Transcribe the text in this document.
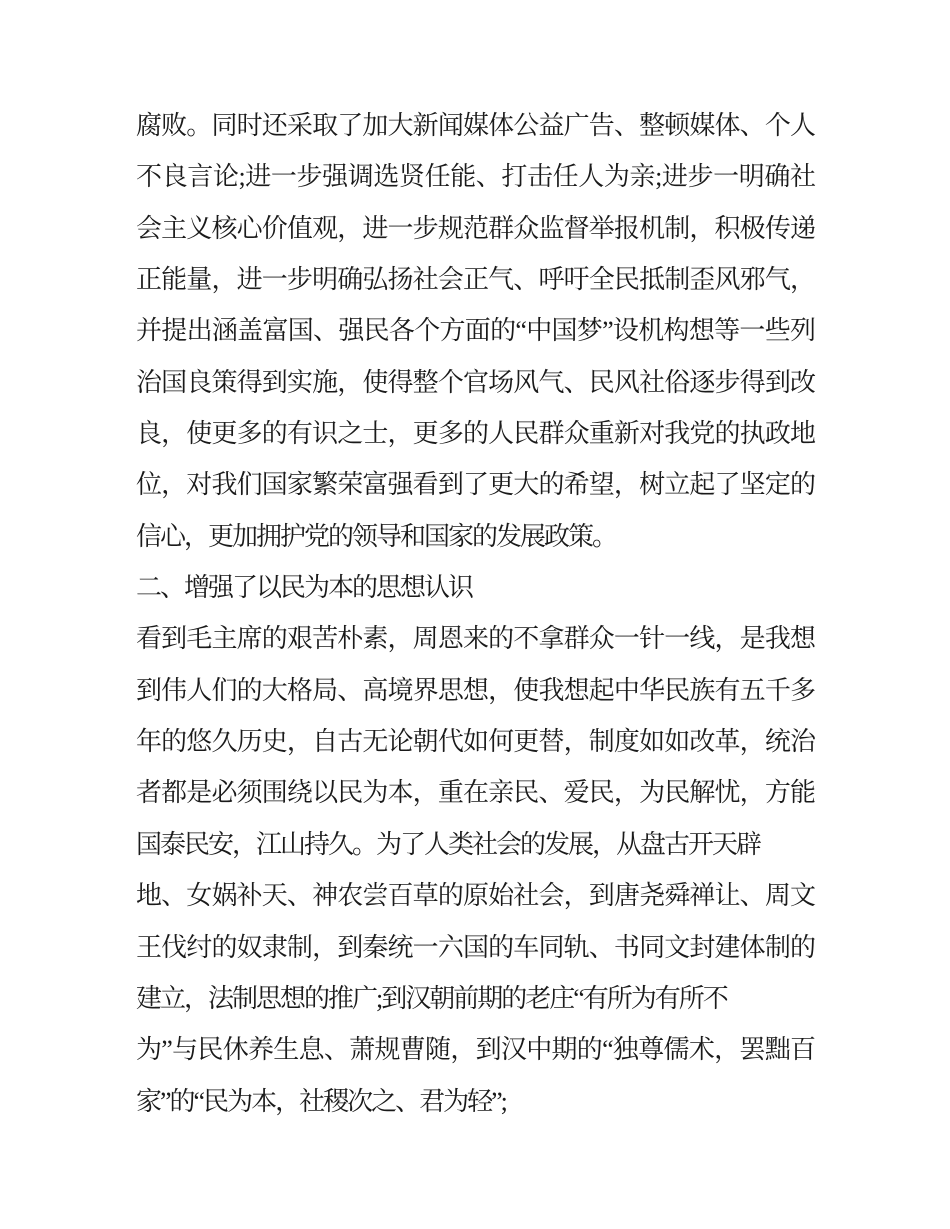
腐败。同时还采取了加大新闻媒体公益广告、整顿媒体、个人
不良言论;进一步强调选贤任能、打击任人为亲;进步一明确社
会主义核心价值观，进一步规范群众监督举报机制，积极传递
正能量，进一步明确弘扬社会正气、呼吁全民抵制歪风邪气，
并提出涵盖富国、强民各个方面的“中国梦”设机构想等一些列
治国良策得到实施，使得整个官场风气、民风社俗逐步得到改
良，使更多的有识之士，更多的人民群众重新对我党的执政地
位，对我们国家繁荣富强看到了更大的希望，树立起了坚定的
信心，更加拥护党的领导和国家的发展政策。
二、增强了以民为本的思想认识
看到毛主席的艰苦朴素，周恩来的不拿群众一针一线，是我想
到伟人们的大格局、高境界思想，使我想起中华民族有五千多
年的悠久历史，自古无论朝代如何更替，制度如如改革，统治
者都是必须围绕以民为本，重在亲民、爱民，为民解忧，方能
国泰民安，江山持久。为了人类社会的发展，从盘古开天辟
地、女娲补天、神农尝百草的原始社会，到唐尧舜禅让、周文
王伐纣的奴隶制，到秦统一六国的车同轨、书同文封建体制的
建立，法制思想的推广;到汉朝前期的老庄“有所为有所不
为”与民休养生息、萧规曹随，到汉中期的“独尊儒术，罢黜百
家”的“民为本，社稷次之、君为轻”;
